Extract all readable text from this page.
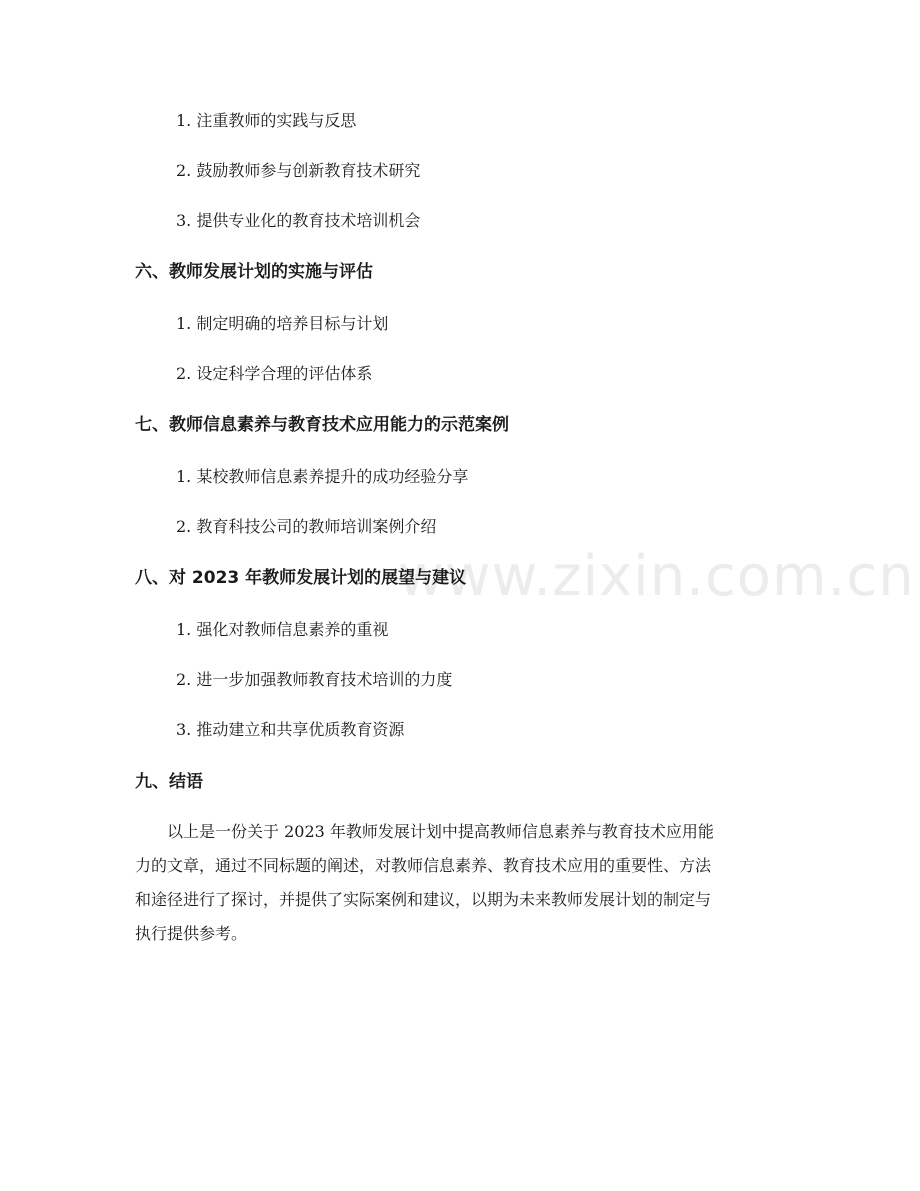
www.zixin.com.cn
1. 注重教师的实践与反思
2. 鼓励教师参与创新教育技术研究
3. 提供专业化的教育技术培训机会
六、教师发展计划的实施与评估
1. 制定明确的培养目标与计划
2. 设定科学合理的评估体系
七、教师信息素养与教育技术应用能力的示范案例
1. 某校教师信息素养提升的成功经验分享
2. 教育科技公司的教师培训案例介绍
八、对 2023 年教师发展计划的展望与建议
1. 强化对教师信息素养的重视
2. 进一步加强教师教育技术培训的力度
3. 推动建立和共享优质教育资源
九、结语
　　以上是一份关于 2023 年教师发展计划中提高教师信息素养与教育技术应用能
力的文章，通过不同标题的阐述，对教师信息素养、教育技术应用的重要性、方法
和途径进行了探讨，并提供了实际案例和建议，以期为未来教师发展计划的制定与
执行提供参考。
